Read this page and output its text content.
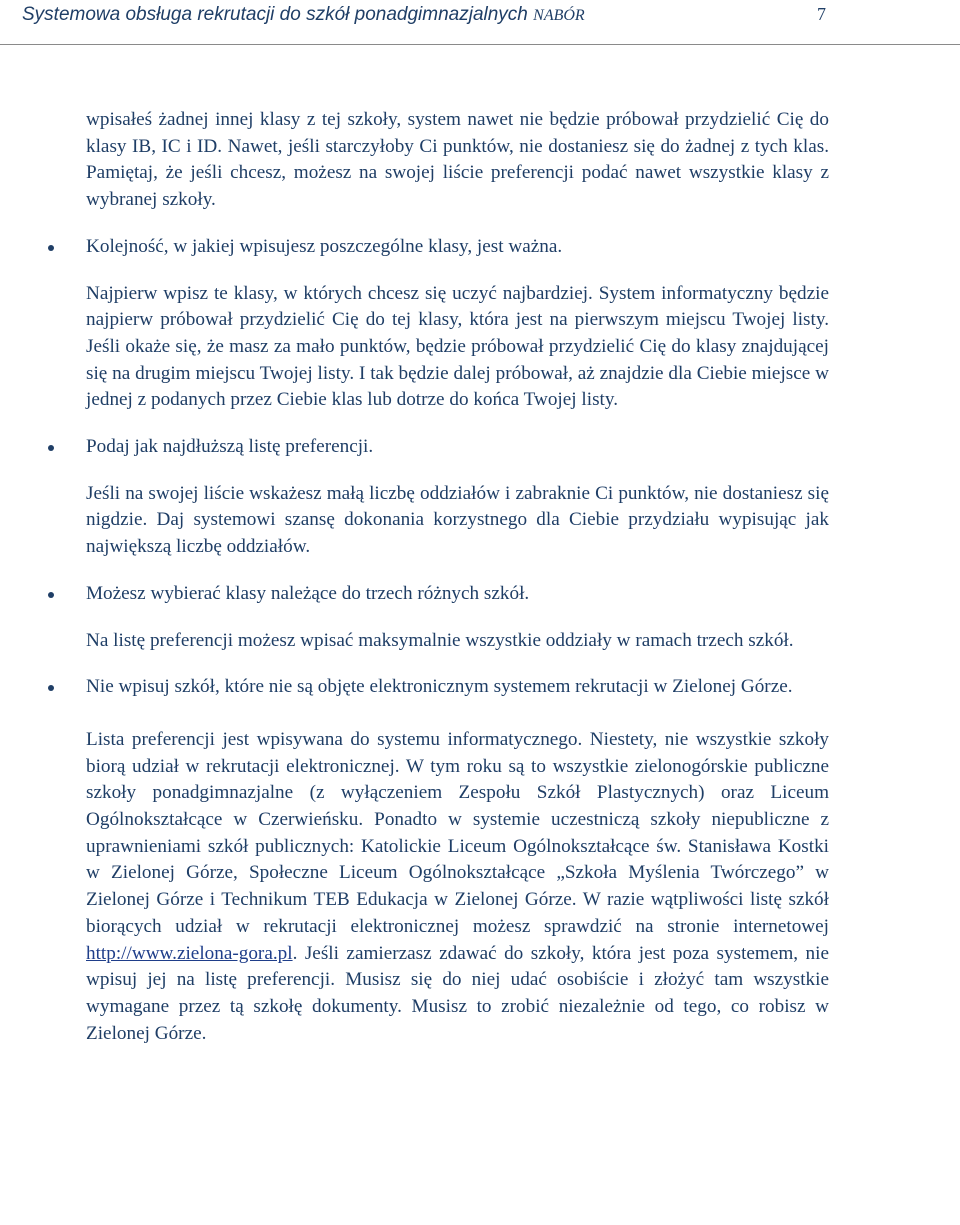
Systemowa obsługa rekrutacji do szkół ponadgimnazjalnych NABÓR	7

wpisałeś żadnej innej klasy z tej szkoły, system nawet nie będzie próbował przydzielić Cię do klasy IB, IC i ID. Nawet, jeśli starczyłoby Ci punktów, nie dostaniesz się do żadnej z tych klas. Pamiętaj, że jeśli chcesz, możesz na swojej liście preferencji podać nawet wszystkie klasy z wybranej szkoły.

Kolejność, w jakiej wpisujesz poszczególne klasy, jest ważna.

Najpierw wpisz te klasy, w których chcesz się uczyć najbardziej. System informatyczny będzie najpierw próbował przydzielić Cię do tej klasy, która jest na pierwszym miejscu Twojej listy. Jeśli okaże się, że masz za mało punktów, będzie próbował przydzielić Cię do klasy znajdującej się na drugim miejscu Twojej listy. I tak będzie dalej próbował, aż znajdzie dla Ciebie miejsce w jednej z podanych przez Ciebie klas lub dotrze do końca Twojej listy.

Podaj jak najdłuższą listę preferencji.

Jeśli na swojej liście wskażesz małą liczbę oddziałów i zabraknie Ci punktów, nie dostaniesz się nigdzie. Daj systemowi szansę dokonania korzystnego dla Ciebie przydziału wypisując jak największą liczbę oddziałów.

Możesz wybierać klasy należące do trzech różnych szkół.

Na listę preferencji możesz wpisać maksymalnie wszystkie oddziały w ramach trzech szkół.

Nie wpisuj szkół, które nie są objęte elektronicznym systemem rekrutacji w Zielonej Górze.

Lista preferencji jest wpisywana do systemu informatycznego. Niestety, nie wszystkie szkoły biorą udział w rekrutacji elektronicznej. W tym roku są to wszystkie zielonogórskie publiczne szkoły ponadgimnazjalne (z wyłączeniem Zespołu Szkół Plastycznych) oraz Liceum Ogólnokształcące w Czerwieńsku. Ponadto w systemie uczestniczą szkoły niepubliczne z uprawnieniami szkół publicznych: Katolickie Liceum Ogólnokształcące św. Stanisława Kostki w Zielonej Górze, Społeczne Liceum Ogólnokształcące „Szkoła Myślenia Twórczego” w Zielonej Górze i Technikum TEB Edukacja w Zielonej Górze. W razie wątpliwości listę szkół biorących udział w rekrutacji elektronicznej możesz sprawdzić na stronie internetowej http://www.zielona-gora.pl. Jeśli zamierzasz zdawać do szkoły, która jest poza systemem, nie wpisuj jej na listę preferencji. Musisz się do niej udać osobiście i złożyć tam wszystkie wymagane przez tą szkołę dokumenty. Musisz to zrobić niezależnie od tego, co robisz w Zielonej Górze.
